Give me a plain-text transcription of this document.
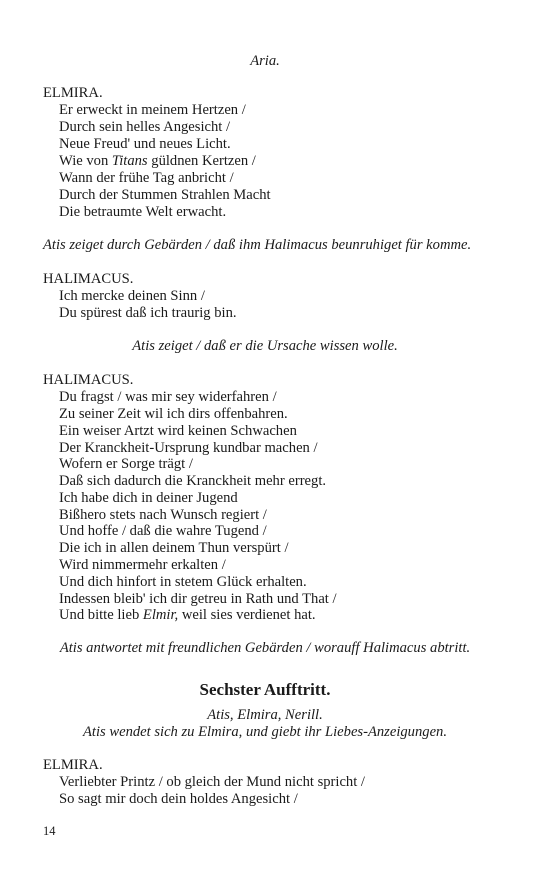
Aria.
ELMIRA.
Er erweckt in meinem Hertzen /
Durch sein helles Angesicht /
Neue Freud' und neues Licht.
Wie von Titans güldnen Kertzen /
Wann der frühe Tag anbricht /
Durch der Stummen Strahlen Macht
Die betraumte Welt erwacht.
Atis zeiget durch Gebärden / daß ihm Halimacus beunruhiget für komme.
HALIMACUS.
Ich mercke deinen Sinn /
Du spürest daß ich traurig bin.
Atis zeiget / daß er die Ursache wissen wolle.
HALIMACUS.
Du fragst / was mir sey widerfahren /
Zu seiner Zeit wil ich dirs offenbahren.
Ein weiser Artzt wird keinen Schwachen
Der Kranckheit-Ursprung kundbar machen /
Wofern er Sorge trägt /
Daß sich dadurch die Kranckheit mehr erregt.
Ich habe dich in deiner Jugend
Bißhero stets nach Wunsch regiert /
Und hoffe / daß die wahre Tugend /
Die ich in allen deinem Thun verspürt /
Wird nimmermehr erkalten /
Und dich hinfort in stetem Glück erhalten.
Indessen bleib' ich dir getreu in Rath und That /
Und bitte lieb Elmir, weil sies verdienet hat.
Atis antwortet mit freundlichen Gebärden / worauff Halimacus abtritt.
Sechster Aufftritt.
Atis, Elmira, Nerill.
Atis wendet sich zu Elmira, und giebt ihr Liebes-Anzeigungen.
ELMIRA.
Verliebter Printz / ob gleich der Mund nicht spricht /
So sagt mir doch dein holdes Angesicht /
14
